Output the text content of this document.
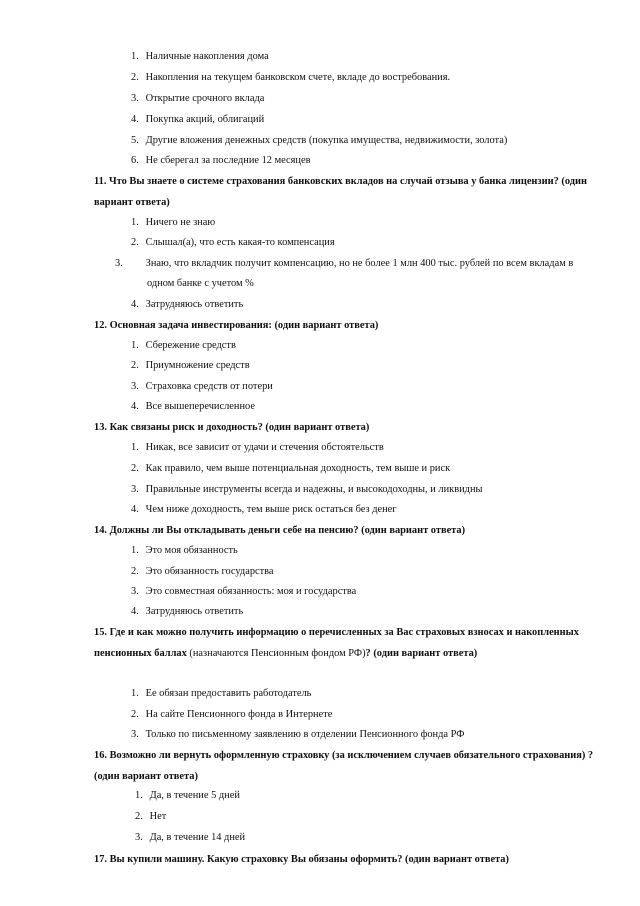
1. Наличные накопления дома
2. Накопления на текущем банковском счете, вкладе до востребования.
3. Открытие срочного вклада
4. Покупка акций, облигаций
5. Другие вложения денежных средств (покупка имущества, недвижимости, золота)
6. Не сберегал за последние 12 месяцев
11. Что Вы знаете о системе страхования банковских вкладов на случай отзыва у банка лицензии? (один вариант ответа)
1. Ничего не знаю
2. Слышал(а), что есть какая-то компенсация
3. Знаю, что вкладчик получит компенсацию, но не более 1 млн 400 тыс. рублей по всем вкладам в одном банке с учетом %
4. Затрудняюсь ответить
12. Основная задача инвестирования: (один вариант ответа)
1. Сбережение средств
2. Приумножение средств
3. Страховка средств от потери
4. Все вышеперечисленное
13. Как связаны риск и доходность? (один вариант ответа)
1. Никак, все зависит от удачи и стечения обстоятельств
2. Как правило, чем выше потенциальная доходность, тем выше и риск
3. Правильные инструменты всегда и надежны, и высокодоходны, и ликвидны
4. Чем ниже доходность, тем выше риск остаться без денег
14. Должны ли Вы откладывать деньги себе на пенсию? (один вариант ответа)
1. Это моя обязанность
2. Это обязанность государства
3. Это совместная обязанность: моя и государства
4. Затрудняюсь ответить
15. Где и как можно получить информацию о перечисленных за Вас страховых взносах и накопленных пенсионных баллах (назначаются Пенсионным фондом РФ)? (один вариант ответа)
1. Ее обязан предоставить работодатель
2. На сайте Пенсионного фонда в Интернете
3. Только по письменному заявлению в отделении Пенсионного фонда РФ
16. Возможно ли вернуть оформленную страховку (за исключением случаев обязательного страхования) ? (один вариант ответа)
1. Да, в течение 5 дней
2. Нет
3. Да, в течение 14 дней
17. Вы купили машину. Какую страховку Вы обязаны оформить? (один вариант ответа)
